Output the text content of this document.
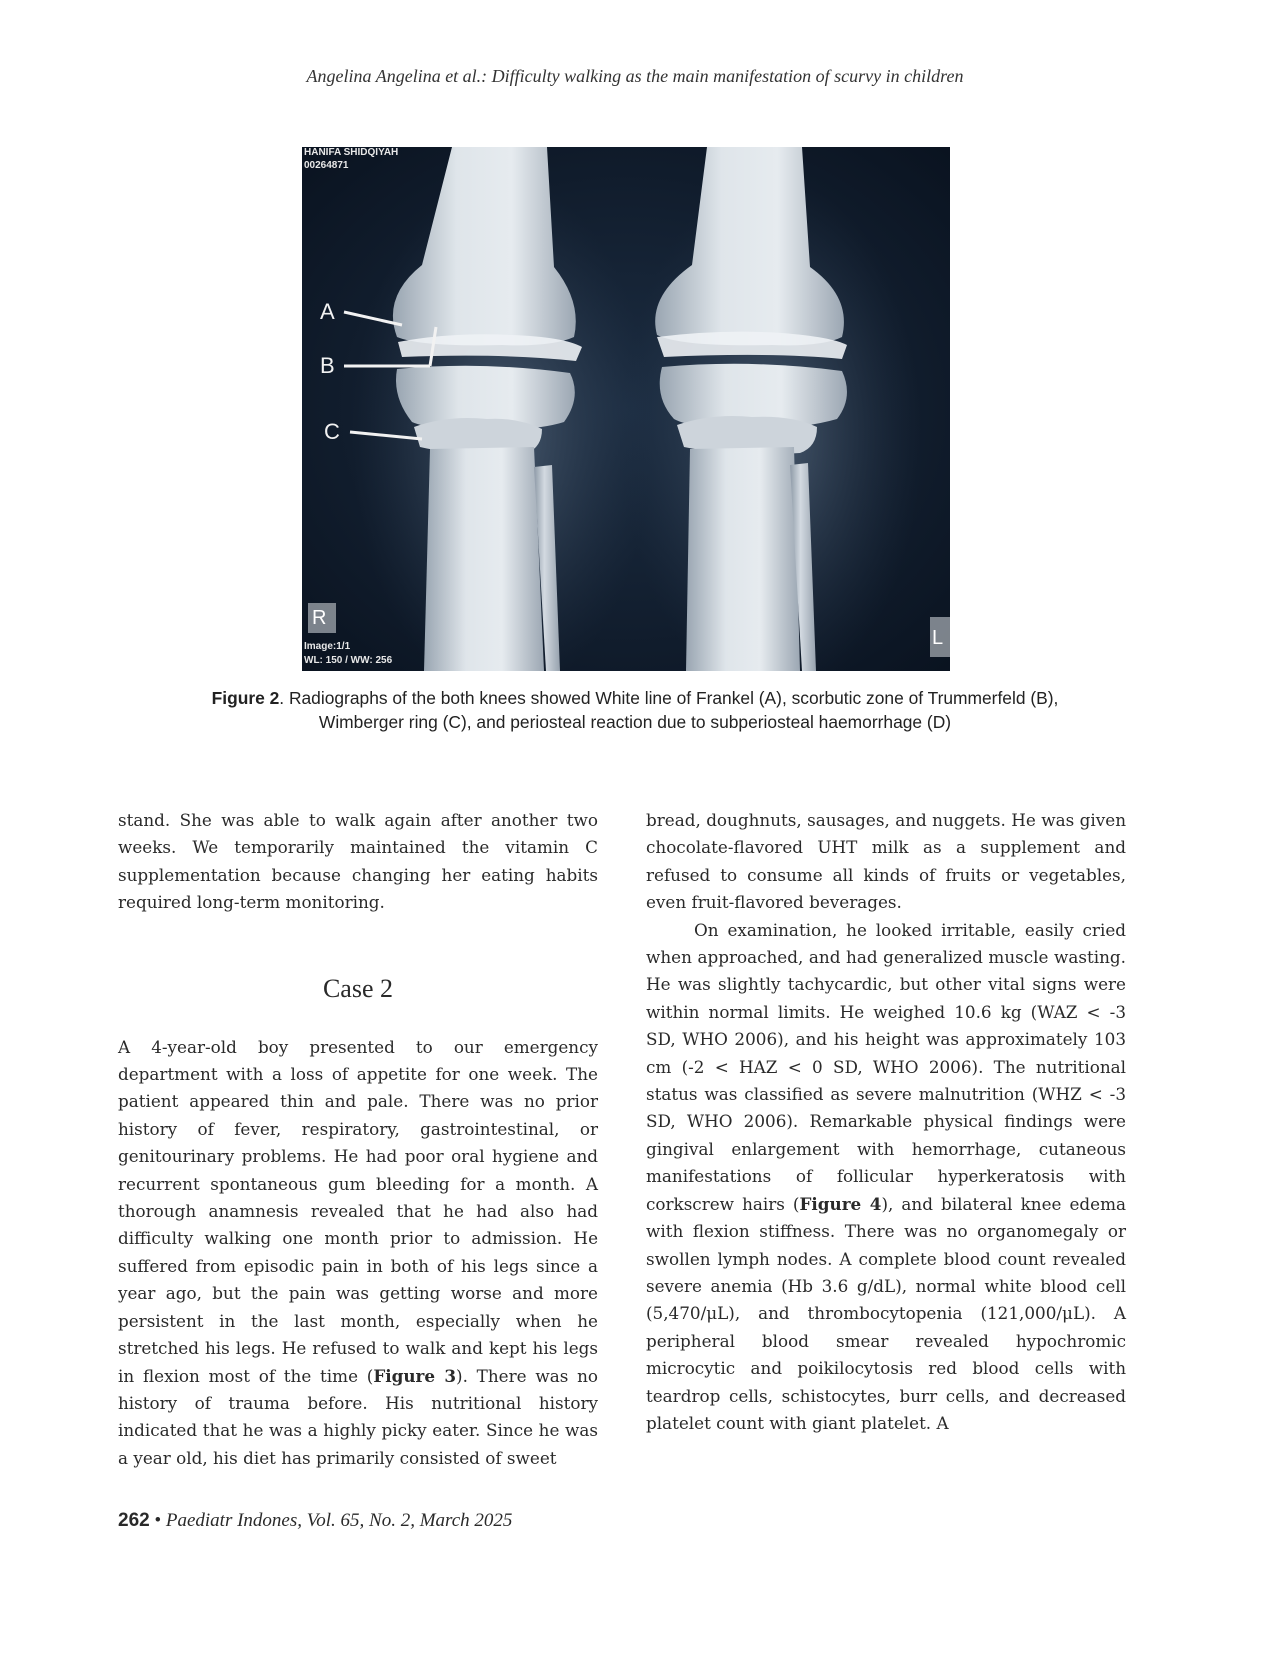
Angelina Angelina et al.: Difficulty walking as the main manifestation of scurvy in children
HANIFA SHIDQIYAH
00264871
A
B
C
R
L
Image:1/1
WL: 150 / WW: 256
Figure 2. Radiographs of the both knees showed White line of Frankel (A), scorbutic zone of Trummerfeld (B), Wimberger ring (C), and periosteal reaction due to subperiosteal haemorrhage (D)

stand. She was able to walk again after another two weeks. We temporarily maintained the vitamin C supplementation because changing her eating habits required long-term monitoring.

Case 2

A 4-year-old boy presented to our emergency department with a loss of appetite for one week. The patient appeared thin and pale. There was no prior history of fever, respiratory, gastrointestinal, or genitourinary problems. He had poor oral hygiene and recurrent spontaneous gum bleeding for a month. A thorough anamnesis revealed that he had also had difficulty walking one month prior to admission. He suffered from episodic pain in both of his legs since a year ago, but the pain was getting worse and more persistent in the last month, especially when he stretched his legs. He refused to walk and kept his legs in flexion most of the time (Figure 3). There was no history of trauma before. His nutritional history indicated that he was a highly picky eater. Since he was a year old, his diet has primarily consisted of sweet

bread, doughnuts, sausages, and nuggets. He was given chocolate-flavored UHT milk as a supplement and refused to consume all kinds of fruits or vegetables, even fruit-flavored beverages.

On examination, he looked irritable, easily cried when approached, and had generalized muscle wasting. He was slightly tachycardic, but other vital signs were within normal limits. He weighed 10.6 kg (WAZ < -3 SD, WHO 2006), and his height was approximately 103 cm (-2 < HAZ < 0 SD, WHO 2006). The nutritional status was classified as severe malnutrition (WHZ < -3 SD, WHO 2006). Remarkable physical findings were gingival enlargement with hemorrhage, cutaneous manifestations of follicular hyperkeratosis with corkscrew hairs (Figure 4), and bilateral knee edema with flexion stiffness. There was no organomegaly or swollen lymph nodes. A complete blood count revealed severe anemia (Hb 3.6 g/dL), normal white blood cell (5,470/μL), and thrombocytopenia (121,000/μL). A peripheral blood smear revealed hypochromic microcytic and poikilocytosis red blood cells with teardrop cells, schistocytes, burr cells, and decreased platelet count with giant platelet. A

262 • Paediatr Indones, Vol. 65, No. 2, March 2025
